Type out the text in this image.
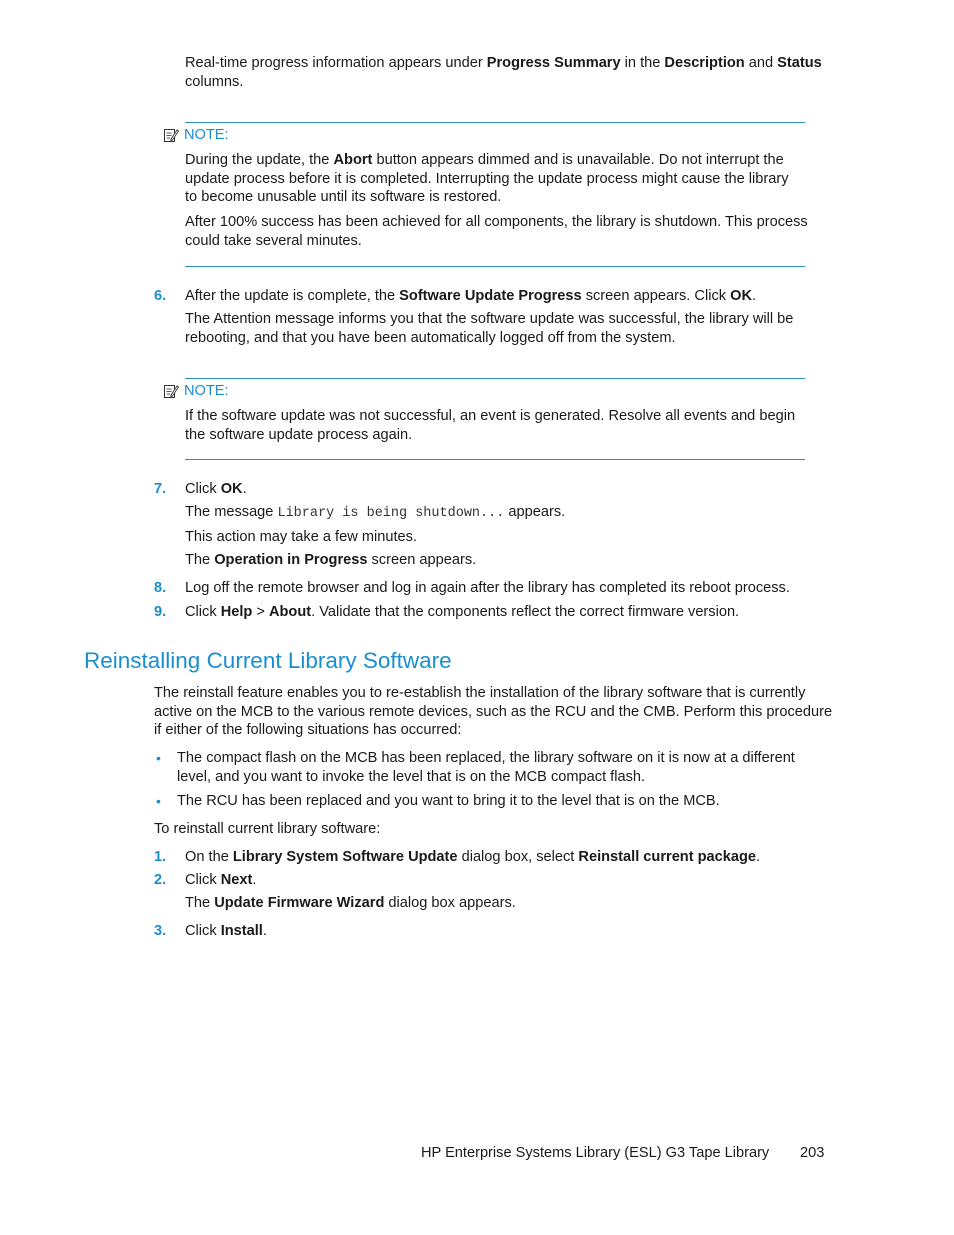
Real-time progress information appears under Progress Summary in the Description and Status

columns.

NOTE:

During the update, the Abort button appears dimmed and is unavailable. Do not interrupt the

update process before it is completed. Interrupting the update process might cause the library

to become unusable until its software is restored.

After 100% success has been achieved for all components, the library is shutdown. This process

could take several minutes.

6. After the update is complete, the Software Update Progress screen appears. Click OK.

The Attention message informs you that the software update was successful, the library will be

rebooting, and that you have been automatically logged off from the system.

NOTE:

If the software update was not successful, an event is generated. Resolve all events and begin

the software update process again.

7. Click OK.

The message Library is being shutdown... appears.

This action may take a few minutes.

The Operation in Progress screen appears.

8. Log off the remote browser and log in again after the library has completed its reboot process.

9. Click Help > About. Validate that the components reflect the correct firmware version.

Reinstalling Current Library Software

The reinstall feature enables you to re-establish the installation of the library software that is currently

active on the MCB to the various remote devices, such as the RCU and the CMB. Perform this procedure

if either of the following situations has occurred:

• The compact flash on the MCB has been replaced, the library software on it is now at a different

level, and you want to invoke the level that is on the MCB compact flash.

• The RCU has been replaced and you want to bring it to the level that is on the MCB.

To reinstall current library software:

1. On the Library System Software Update dialog box, select Reinstall current package.

2. Click Next.

The Update Firmware Wizard dialog box appears.

3. Click Install.

HP Enterprise Systems Library (ESL) G3 Tape Library 203
